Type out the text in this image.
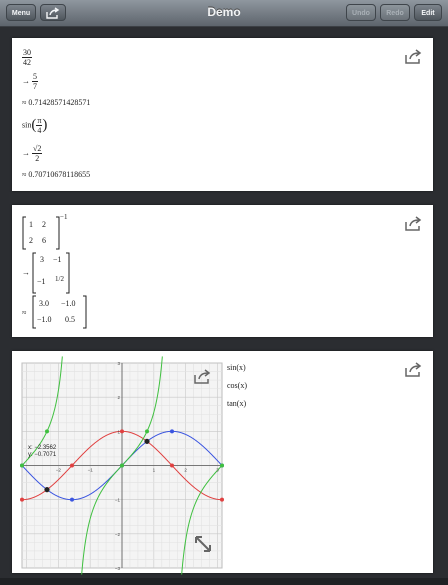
Menu	Demo	Undo	Redo	Edit
$\frac{30}{42}$
→ $\frac{5}{7}$
≈ 0.71428571428571
$\sin( \frac{\pi}{4}$ )
→ $\frac{√2}{2}$
≈ 0.70710678118655
1 2
2 6
−1
→
3 −1
−1 1/2
≈
3.0 −1.0
−1.0 0.5
3
2
1
−1
−2
−3
−2	−1	1	2	3
x: −2.3562
y: −0.7071
sin(x)
cos(x)
tan(x)
